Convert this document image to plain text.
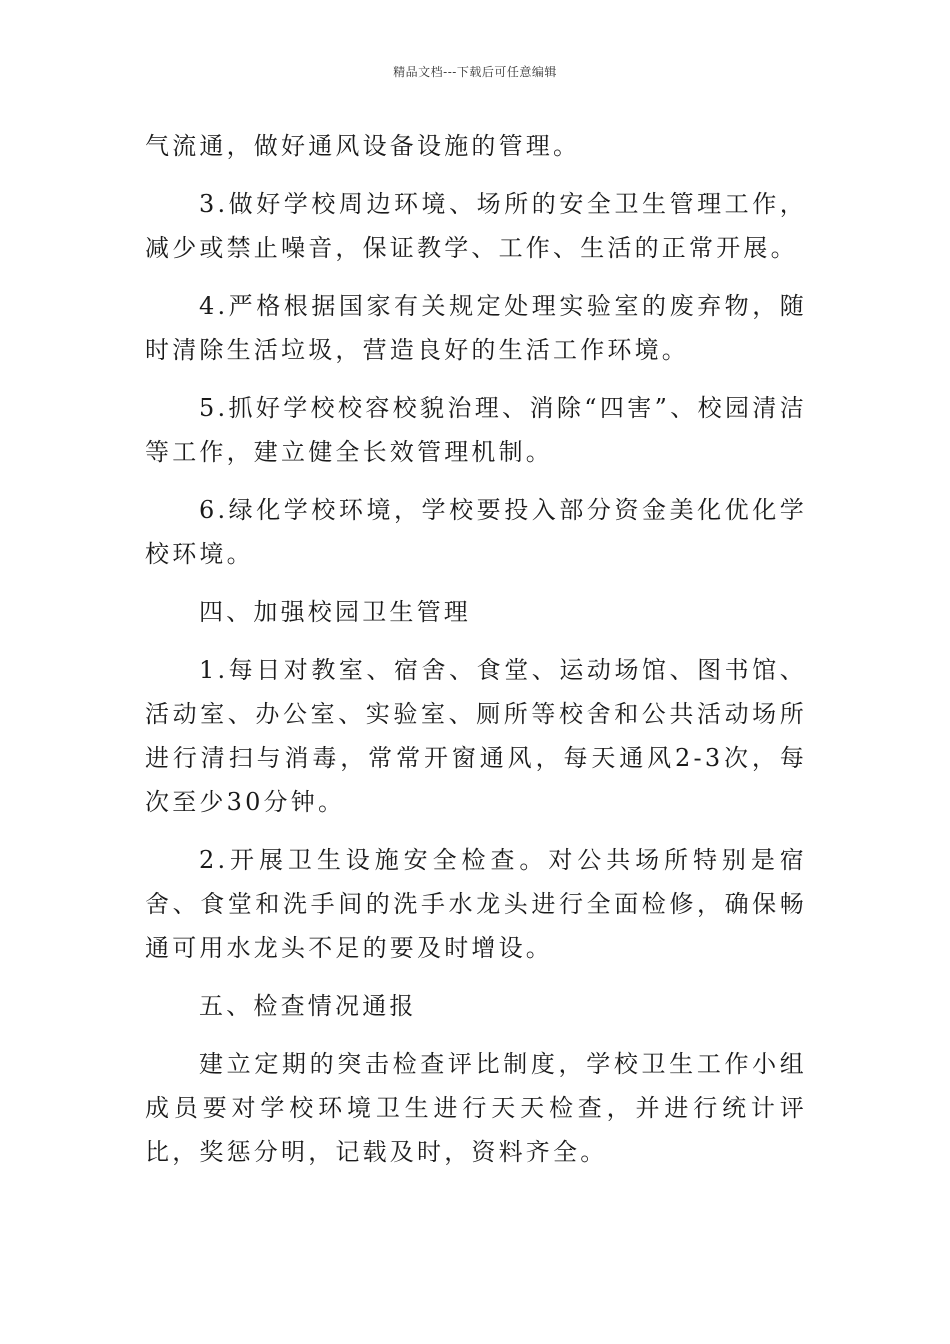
精品文档---下载后可任意编辑

气流通，做好通风设备设施的管理。

3.做好学校周边环境、场所的安全卫生管理工作，减少或禁止噪音，保证教学、工作、生活的正常开展。

4.严格根据国家有关规定处理实验室的废弃物，随时清除生活垃圾，营造良好的生活工作环境。

5.抓好学校校容校貌治理、消除“四害”、校园清洁等工作，建立健全长效管理机制。

6.绿化学校环境，学校要投入部分资金美化优化学校环境。

四、加强校园卫生管理

1.每日对教室、宿舍、食堂、运动场馆、图书馆、活动室、办公室、实验室、厕所等校舍和公共活动场所进行清扫与消毒，常常开窗通风，每天通风2-3次，每次至少30分钟。

2.开展卫生设施安全检查。对公共场所特别是宿舍、食堂和洗手间的洗手水龙头进行全面检修，确保畅通可用水龙头不足的要及时增设。

五、检查情况通报

建立定期的突击检查评比制度，学校卫生工作小组成员要对学校环境卫生进行天天检查，并进行统计评比，奖惩分明，记载及时，资料齐全。
